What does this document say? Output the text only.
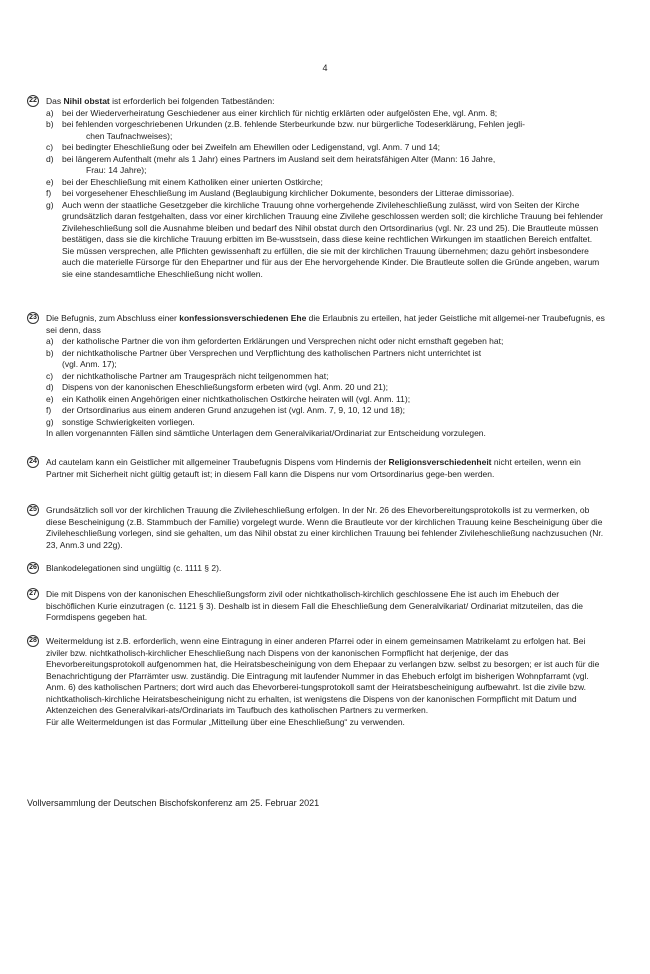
4
22 Das Nihil obstat ist erforderlich bei folgenden Tatbeständen:
a) bei der Wiederverheiratung Geschiedener aus einer kirchlich für nichtig erklärten oder aufgelösten Ehe, vgl. Anm. 8;
b) bei fehlenden vorgeschriebenen Urkunden (z.B. fehlende Sterbeurkunde bzw. nur bürgerliche Todeserklärung, Fehlen jegli-
chen Taufnachweises);
c) bei bedingter Eheschließung oder bei Zweifeln am Ehewillen oder Ledigenstand, vgl. Anm. 7 und 14;
d) bei längerem Aufenthalt (mehr als 1 Jahr) eines Partners im Ausland seit dem heiratsfähigen Alter (Mann: 16 Jahre,
Frau: 14 Jahre);
e) bei der Eheschließung mit einem Katholiken einer unierten Ostkirche;
f) bei vorgesehener Eheschließung im Ausland (Beglaubigung kirchlicher Dokumente, besonders der Litterae dimissoriae).
g) Auch wenn der staatliche Gesetzgeber die kirchliche Trauung ohne vorhergehende Zivileheschließung zulässt, wird von Seiten der Kirche grundsätzlich daran festgehalten, dass vor einer kirchlichen Trauung eine Zivilehe geschlossen werden soll; die kirchliche Trauung bei fehlender Zivileheschließung soll die Ausnahme bleiben und bedarf des Nihil obstat durch den Ortsordinarius (vgl. Nr. 23 und 25). Die Brautleute müssen bestätigen, dass sie die kirchliche Trauung erbitten im Be-wusstsein, dass diese keine rechtlichen Wirkungen im staatlichen Bereich entfaltet. Sie müssen versprechen, alle Pflichten gewissenhaft zu erfüllen, die sie mit der kirchlichen Trauung übernehmen; dazu gehört insbesondere auch die materielle Fürsorge für den Ehepartner und für aus der Ehe hervorgehende Kinder. Die Brautleute sollen die Gründe angeben, warum sie eine standesamtliche Eheschließung nicht wollen.
23 Die Befugnis, zum Abschluss einer konfessionsverschiedenen Ehe die Erlaubnis zu erteilen, hat jeder Geistliche mit allgemei-ner Traubefugnis, es sei denn, dass
a) der katholische Partner die von ihm geforderten Erklärungen und Versprechen nicht oder nicht ernsthaft gegeben hat;
b) der nichtkatholische Partner über Versprechen und Verpflichtung des katholischen Partners nicht unterrichtet ist
(vgl. Anm. 17);
c) der nichtkatholische Partner am Traugespräch nicht teilgenommen hat;
d) Dispens von der kanonischen Eheschließungsform erbeten wird (vgl. Anm. 20 und 21);
e) ein Katholik einen Angehörigen einer nichtkatholischen Ostkirche heiraten will (vgl. Anm. 11);
f) der Ortsordinarius aus einem anderen Grund anzugehen ist (vgl. Anm. 7, 9, 10, 12 und 18);
g) sonstige Schwierigkeiten vorliegen.
In allen vorgenannten Fällen sind sämtliche Unterlagen dem Generalvikariat/Ordinariat zur Entscheidung vorzulegen.
24 Ad cautelam kann ein Geistlicher mit allgemeiner Traubefugnis Dispens vom Hindernis der Religionsverschiedenheit nicht erteilen, wenn ein Partner mit Sicherheit nicht gültig getauft ist; in diesem Fall kann die Dispens nur vom Ortsordinarius gege-ben werden.
25 Grundsätzlich soll vor der kirchlichen Trauung die Zivileheschließung erfolgen. In der Nr. 26 des Ehevorbereitungsprotokolls ist zu vermerken, ob diese Bescheinigung (z.B. Stammbuch der Familie) vorgelegt wurde. Wenn die Brautleute vor der kirchlichen Trauung keine Bescheinigung über die Zivileheschließung vorlegen, sind sie gehalten, um das Nihil obstat zu einer kirchlichen Trauung bei fehlender Zivileheschließung nachzusuchen (Nr. 23, Anm.3 und 22g).
26 Blankodelegationen sind ungültig (c. 1111 § 2).
27 Die mit Dispens von der kanonischen Eheschließungsform zivil oder nichtkatholisch-kirchlich geschlossene Ehe ist auch im Ehebuch der bischöflichen Kurie einzutragen (c. 1121 § 3). Deshalb ist in diesem Fall die Eheschließung dem Generalvikariat/ Ordinariat mitzuteilen, das die Formdispens gegeben hat.
28 Weitermeldung ist z.B. erforderlich, wenn eine Eintragung in einer anderen Pfarrei oder in einem gemeinsamen Matrikelamt zu erfolgen hat. Bei ziviler bzw. nichtkatholisch-kirchlicher Eheschließung nach Dispens von der kanonischen Formpflicht hat derjenige, der das Ehevorbereitungsprotokoll aufgenommen hat, die Heiratsbescheinigung von dem Ehepaar zu verlangen bzw. selbst zu besorgen; er ist auch für die Benachrichtigung der Pfarrämter usw. zuständig. Die Eintragung mit laufender Nummer in das Ehebuch erfolgt im bisherigen Wohnpfarramt (vgl. Anm. 6) des katholischen Partners; dort wird auch das Ehevorberei-tungsprotokoll samt der Heiratsbescheinigung aufbewahrt. Ist die zivile bzw. nichtkatholisch-kirchliche Heiratsbescheinigung nicht zu erhalten, ist wenigstens die Dispens von der kanonischen Formpflicht mit Datum und Aktenzeichen des Generalvikari-ats/Ordinariats im Taufbuch des katholischen Partners zu vermerken.
Für alle Weitermeldungen ist das Formular „Mitteilung über eine Eheschließung“ zu verwenden.
Vollversammlung der Deutschen Bischofskonferenz am 25. Februar 2021
